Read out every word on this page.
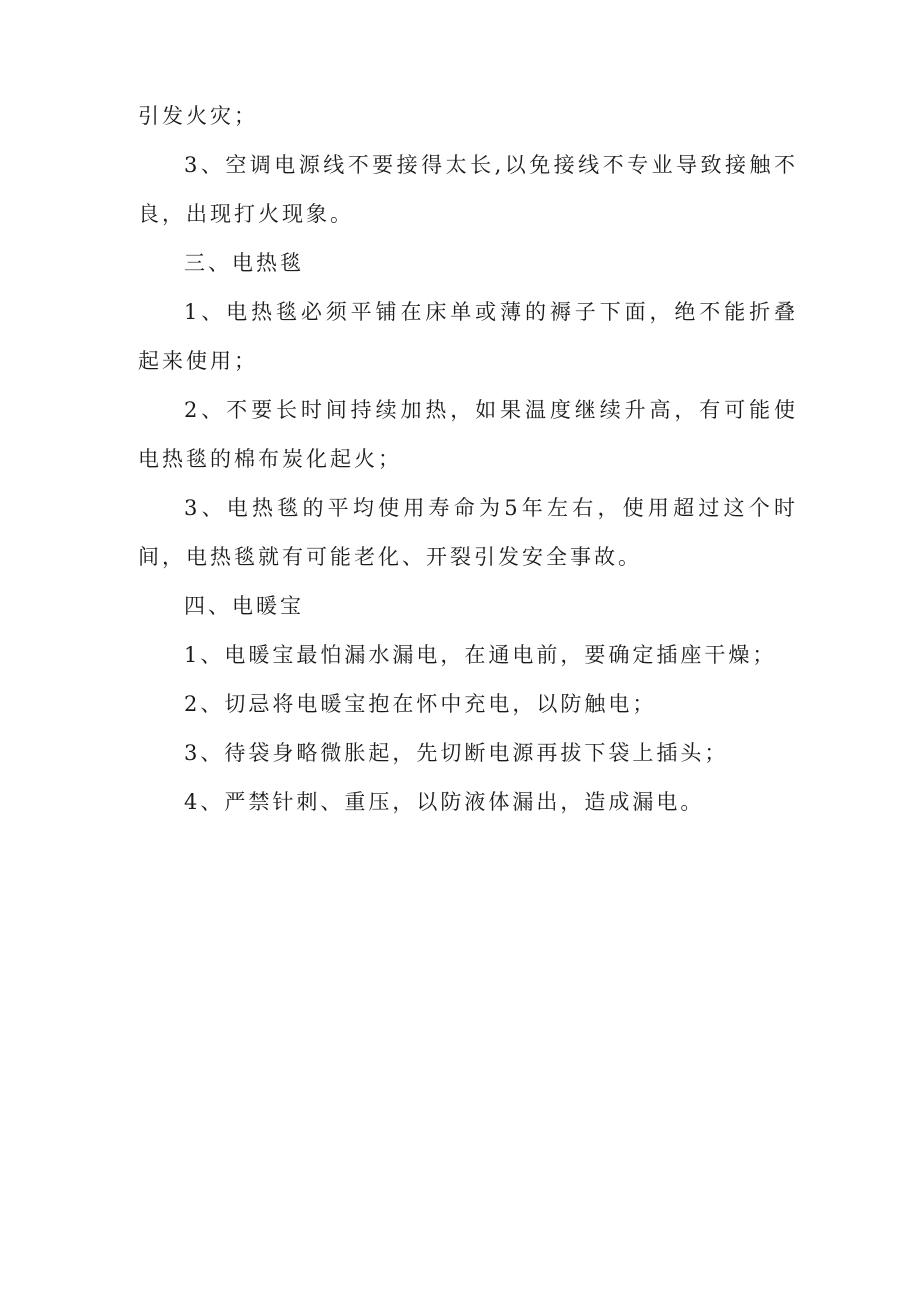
引发火灾；

3、空调电源线不要接得太长,以免接线不专业导致接触不良，出现打火现象。

三、电热毯

1、电热毯必须平铺在床单或薄的褥子下面，绝不能折叠起来使用；

2、不要长时间持续加热，如果温度继续升高，有可能使电热毯的棉布炭化起火；

3、电热毯的平均使用寿命为5年左右，使用超过这个时间，电热毯就有可能老化、开裂引发安全事故。

四、电暖宝

1、电暖宝最怕漏水漏电，在通电前，要确定插座干燥；

2、切忌将电暖宝抱在怀中充电，以防触电；

3、待袋身略微胀起，先切断电源再拔下袋上插头；

4、严禁针刺、重压，以防液体漏出，造成漏电。
